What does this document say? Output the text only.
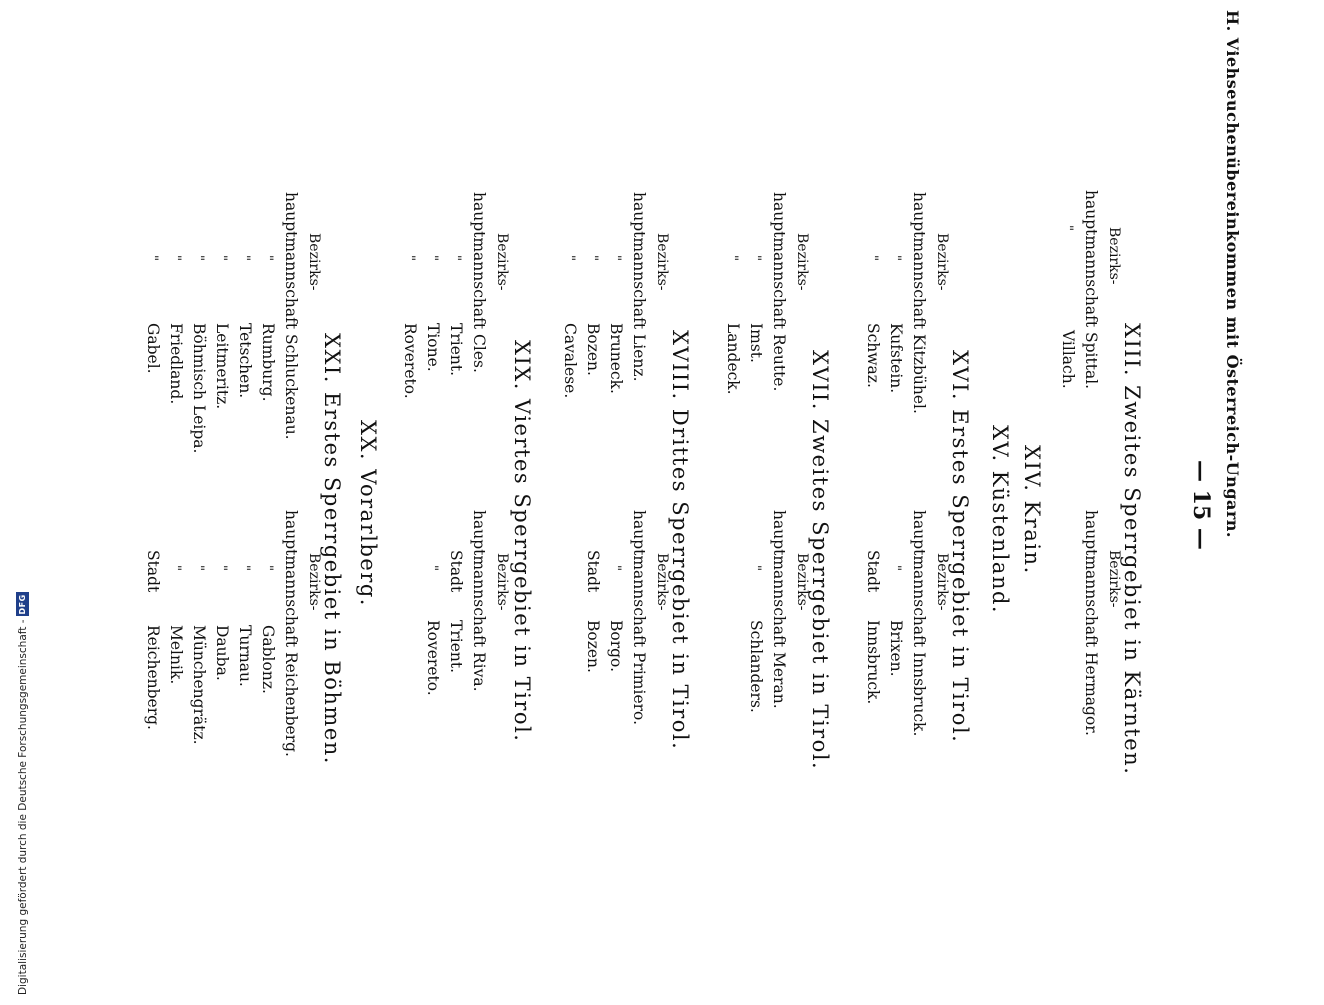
H. Viehseuchenübereinkommen mit Österreich-Ungarn.
— 15 —
XIII. Zweites Sperrgebiet in Kärnten.
Bezirks-
hauptmannschaft Spittal.
"
Villach.
Bezirks-
hauptmannschaft Hermagor.
XIV. Krain.
XV. Küstenland.
XVI. Erstes Sperrgebiet in Tirol.
Bezirks-
hauptmannschaft Kitzbühel.
"
Kufstein.
"
Schwaz.
Bezirks-
hauptmannschaft Innsbruck.
"
Brixen.
Stadt
Innsbruck.
XVII. Zweites Sperrgebiet in Tirol.
Bezirks-
hauptmannschaft Reutte.
"
Imst.
"
Landeck.
Bezirks-
hauptmannschaft Meran.
"
Schlanders.
XVIII. Drittes Sperrgebiet in Tirol.
Bezirks-
hauptmannschaft Lienz.
"
Bruneck.
"
Bozen.
"
Cavalese.
Bezirks-
hauptmannschaft Primiero.
"
Borgo.
Stadt
Bozen.
XIX. Viertes Sperrgebiet in Tirol.
Bezirks-
hauptmannschaft Cles.
"
Trient.
"
Tione.
"
Rovereto.
Bezirks-
hauptmannschaft Riva.
Stadt
Trient.
"
Rovereto.
XX. Vorarlberg.
XXI. Erstes Sperrgebiet in Böhmen.
Bezirks-
hauptmannschaft Schluckenau.
"
Rumburg.
"
Tetschen.
"
Leitmeritz.
"
Böhmisch Leipa.
"
Friedland.
"
Gabel.
Bezirks-
hauptmannschaft Reichenberg.
"
Gablonz.
"
Turnau.
"
Dauba.
"
Münchengrätz.
"
Melnik.
Stadt
Reichenberg.
Digitalisierung gefördert durch die Deutsche Forschungsgemeinschaft -
DFG
